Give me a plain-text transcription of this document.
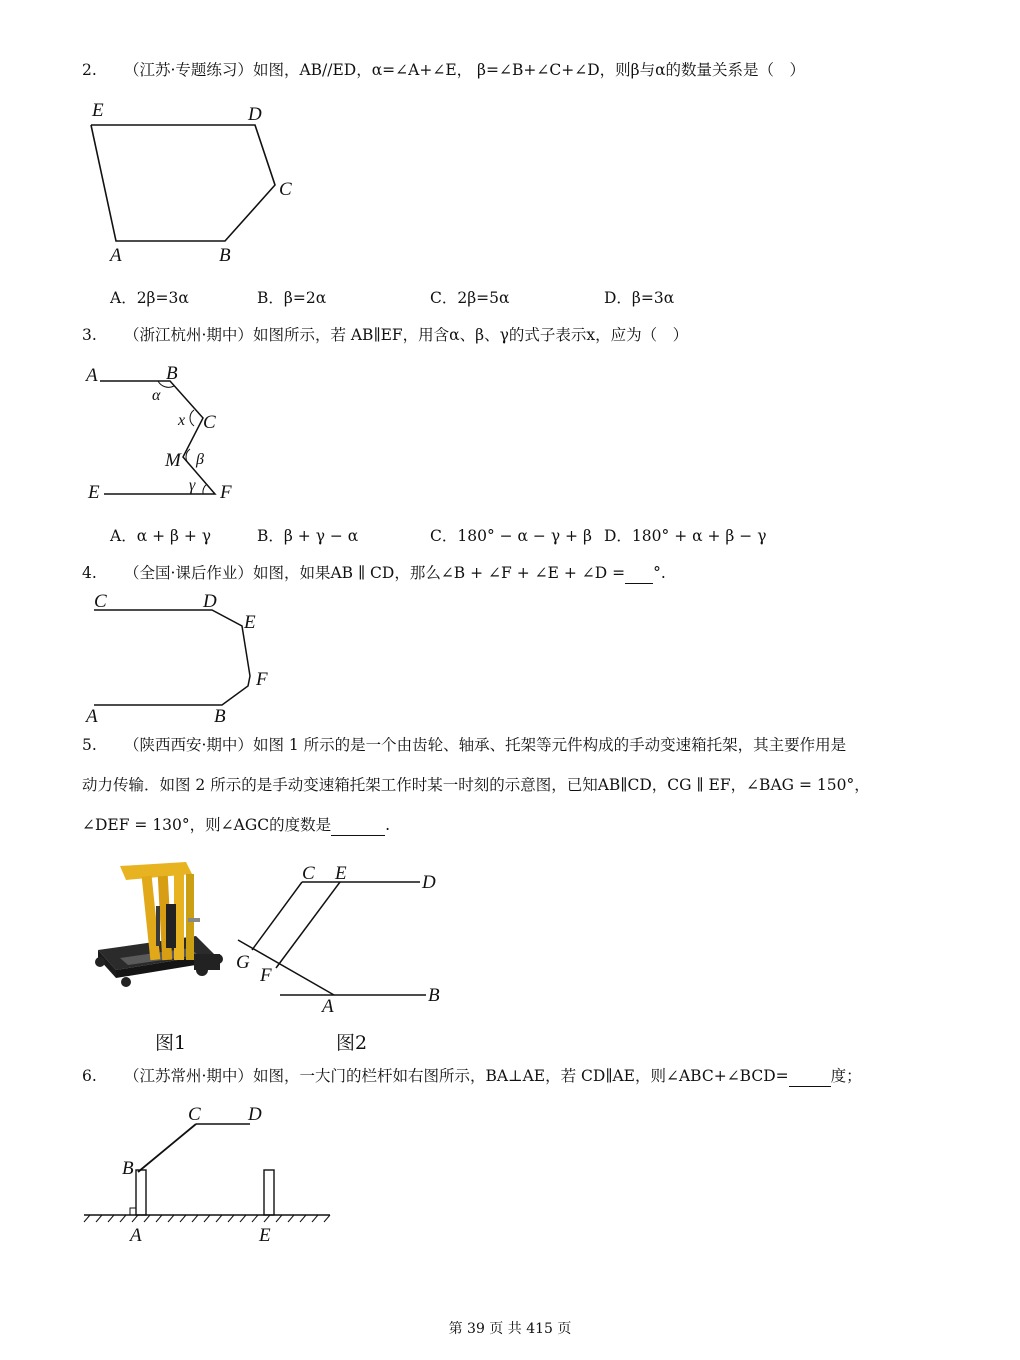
2. （江苏·专题练习）如图，AB//ED，α=∠A+∠E， β=∠B+∠C+∠D，则β与α的数量关系是（　）
E	D
C
A	B
A．2β=3α	B．β=2α	C．2β=5α	D．β=3α
3. （浙江杭州·期中）如图所示，若 AB∥EF，用含α、β、γ的式子表示x，应为（　）
A	B
α
x C
M β
γ
E	F
A．α + β + γ	B．β + γ − α	C．180° − α − γ + β D．180° + α + β − γ
4. （全国·课后作业）如图，如果AB ∥ CD，那么∠B + ∠F + ∠E + ∠D = °.
C	D
E
F
A	B
5. （陕西西安·期中）如图 1 所示的是一个由齿轮、轴承、托架等元件构成的手动变速箱托架，其主要作用是
动力传输．如图 2 所示的是手动变速箱托架工作时某一时刻的示意图，已知AB∥CD，CG ∥ EF，∠BAG = 150°，
∠DEF = 130°，则∠AGC的度数是	.
C E	D
G
F
A
B
图1	图2
6. （江苏常州·期中）如图，一大门的栏杆如右图所示，BA⊥AE，若 CD∥AE，则∠ABC+∠BCD=	度；
C D
B
A	E
第 39 页 共 415 页
